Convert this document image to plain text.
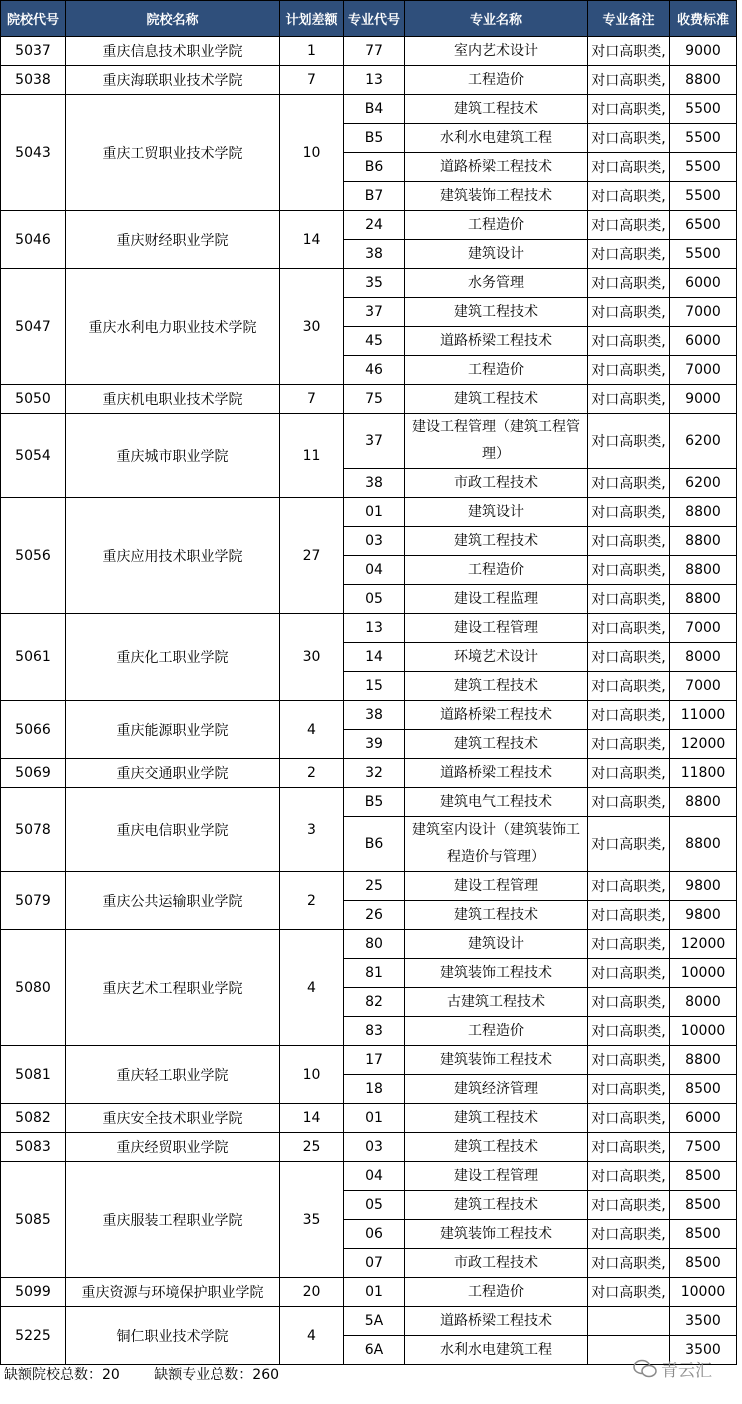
院校代号	院校名称	计划差额	专业代号	专业名称	专业备注	收费标准
5037	重庆信息技术职业学院	1	77	室内艺术设计	对口高职类,	9000
5038	重庆海联职业技术学院	7	13	工程造价	对口高职类,	8800
5043	重庆工贸职业技术学院	10	B4	建筑工程技术	对口高职类,	5500
			B5	水利水电建筑工程	对口高职类,	5500
			B6	道路桥梁工程技术	对口高职类,	5500
			B7	建筑装饰工程技术	对口高职类,	5500
5046	重庆财经职业学院	14	24	工程造价	对口高职类,	6500
			38	建筑设计	对口高职类,	5500
5047	重庆水利电力职业技术学院	30	35	水务管理	对口高职类,	6000
			37	建筑工程技术	对口高职类,	7000
			45	道路桥梁工程技术	对口高职类,	6000
			46	工程造价	对口高职类,	7000
5050	重庆机电职业技术学院	7	75	建筑工程技术	对口高职类,	9000
5054	重庆城市职业学院	11	37	建设工程管理（建筑工程管理）	对口高职类,	6200
			38	市政工程技术	对口高职类,	6200
5056	重庆应用技术职业学院	27	01	建筑设计	对口高职类,	8800
			03	建筑工程技术	对口高职类,	8800
			04	工程造价	对口高职类,	8800
			05	建设工程监理	对口高职类,	8800
5061	重庆化工职业学院	30	13	建设工程管理	对口高职类,	7000
			14	环境艺术设计	对口高职类,	8000
			15	建筑工程技术	对口高职类,	7000
5066	重庆能源职业学院	4	38	道路桥梁工程技术	对口高职类,	11000
			39	建筑工程技术	对口高职类,	12000
5069	重庆交通职业学院	2	32	道路桥梁工程技术	对口高职类,	11800
5078	重庆电信职业学院	3	B5	建筑电气工程技术	对口高职类,	8800
			B6	建筑室内设计（建筑装饰工程造价与管理）	对口高职类,	8800
5079	重庆公共运输职业学院	2	25	建设工程管理	对口高职类,	9800
			26	建筑工程技术	对口高职类,	9800
5080	重庆艺术工程职业学院	4	80	建筑设计	对口高职类,	12000
			81	建筑装饰工程技术	对口高职类,	10000
			82	古建筑工程技术	对口高职类,	8000
			83	工程造价	对口高职类,	10000
5081	重庆轻工职业学院	10	17	建筑装饰工程技术	对口高职类,	8800
			18	建筑经济管理	对口高职类,	8500
5082	重庆安全技术职业学院	14	01	建筑工程技术	对口高职类,	6000
5083	重庆经贸职业学院	25	03	建筑工程技术	对口高职类,	7500
5085	重庆服装工程职业学院	35	04	建设工程管理	对口高职类,	8500
			05	建筑工程技术	对口高职类,	8500
			06	建筑装饰工程技术	对口高职类,	8500
			07	市政工程技术	对口高职类,	8500
5099	重庆资源与环境保护职业学院	20	01	工程造价	对口高职类,	10000
5225	铜仁职业技术学院	4	5A	道路桥梁工程技术		3500
			6A	水利水电建筑工程		3500
缺额院校总数：20 缺额专业总数：260	青云汇
